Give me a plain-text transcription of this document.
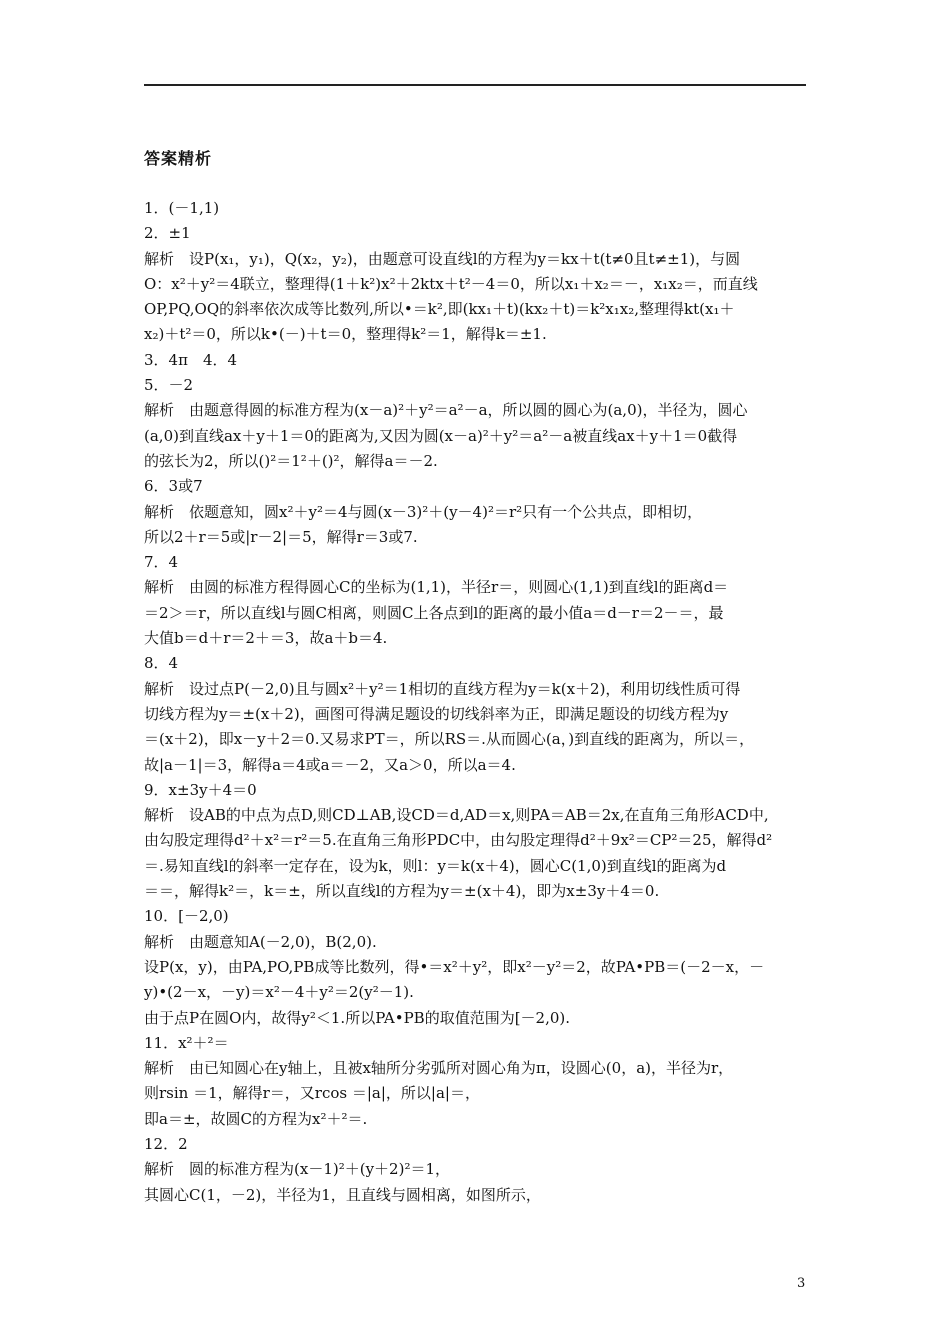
答案精析
1．(－1,1)
2．±1
解析　设P(x₁，y₁)，Q(x₂，y₂)，由题意可设直线l的方程为y＝kx＋t(t≠0且t≠±1)，与圆
O：x²＋y²＝4联立，整理得(1＋k²)x²＋2ktx＋t²－4＝0，所以x₁＋x₂＝－，x₁x₂＝，而直线
OP,PQ,OQ的斜率依次成等比数列,所以•＝k²,即(kx₁＋t)(kx₂＋t)＝k²x₁x₂,整理得kt(x₁＋
x₂)＋t²＝0，所以k•(－)＋t＝0，整理得k²＝1，解得k＝±1.
3．4π　4．4
5．－2
解析　由题意得圆的标准方程为(x－a)²＋y²＝a²－a，所以圆的圆心为(a,0)，半径为，圆心
(a,0)到直线ax＋y＋1＝0的距离为,又因为圆(x－a)²＋y²＝a²－a被直线ax＋y＋1＝0截得
的弦长为2，所以()²＝1²＋()²，解得a＝－2.
6．3或7
解析　依题意知，圆x²＋y²＝4与圆(x－3)²＋(y－4)²＝r²只有一个公共点，即相切，
所以2＋r＝5或|r－2|＝5，解得r＝3或7.
7．4
解析　由圆的标准方程得圆心C的坐标为(1,1)，半径r＝，则圆心(1,1)到直线l的距离d＝
＝2＞＝r，所以直线l与圆C相离，则圆C上各点到l的距离的最小值a＝d－r＝2－＝，最
大值b＝d＋r＝2＋＝3，故a＋b＝4.
8．4
解析　设过点P(－2,0)且与圆x²＋y²＝1相切的直线方程为y＝k(x＋2)，利用切线性质可得
切线方程为y＝±(x＋2)，画图可得满足题设的切线斜率为正，即满足题设的切线方程为y
＝(x＋2)，即x－y＋2＝0.又易求PT＝，所以RS＝.从而圆心(a，)到直线的距离为，所以＝，
故|a－1|＝3，解得a＝4或a＝－2，又a＞0，所以a＝4.
9．x±3y＋4＝0
解析　设AB的中点为点D,则CD⊥AB,设CD＝d,AD＝x,则PA＝AB＝2x,在直角三角形ACD中,
由勾股定理得d²＋x²＝r²＝5.在直角三角形PDC中，由勾股定理得d²＋9x²＝CP²＝25，解得d²
＝.易知直线l的斜率一定存在，设为k，则l：y＝k(x＋4)，圆心C(1,0)到直线l的距离为d
＝＝，解得k²＝，k＝±，所以直线l的方程为y＝±(x＋4)，即为x±3y＋4＝0.
10．[－2,0)
解析　由题意知A(－2,0)，B(2,0).
设P(x，y)，由PA,PO,PB成等比数列，得•＝x²＋y²，即x²－y²＝2，故PA•PB＝(－2－x，－
y)•(2－x，－y)＝x²－4＋y²＝2(y²－1).
由于点P在圆O内，故得y²＜1.所以PA•PB的取值范围为[－2,0).
11．x²＋²＝
解析　由已知圆心在y轴上，且被x轴所分劣弧所对圆心角为π，设圆心(0，a)，半径为r，
则rsin ＝1，解得r＝，又rcos ＝|a|，所以|a|＝，
即a＝±，故圆C的方程为x²＋²＝.
12．2
解析　圆的标准方程为(x－1)²＋(y＋2)²＝1，
其圆心C(1，－2)，半径为1，且直线与圆相离，如图所示，
3
